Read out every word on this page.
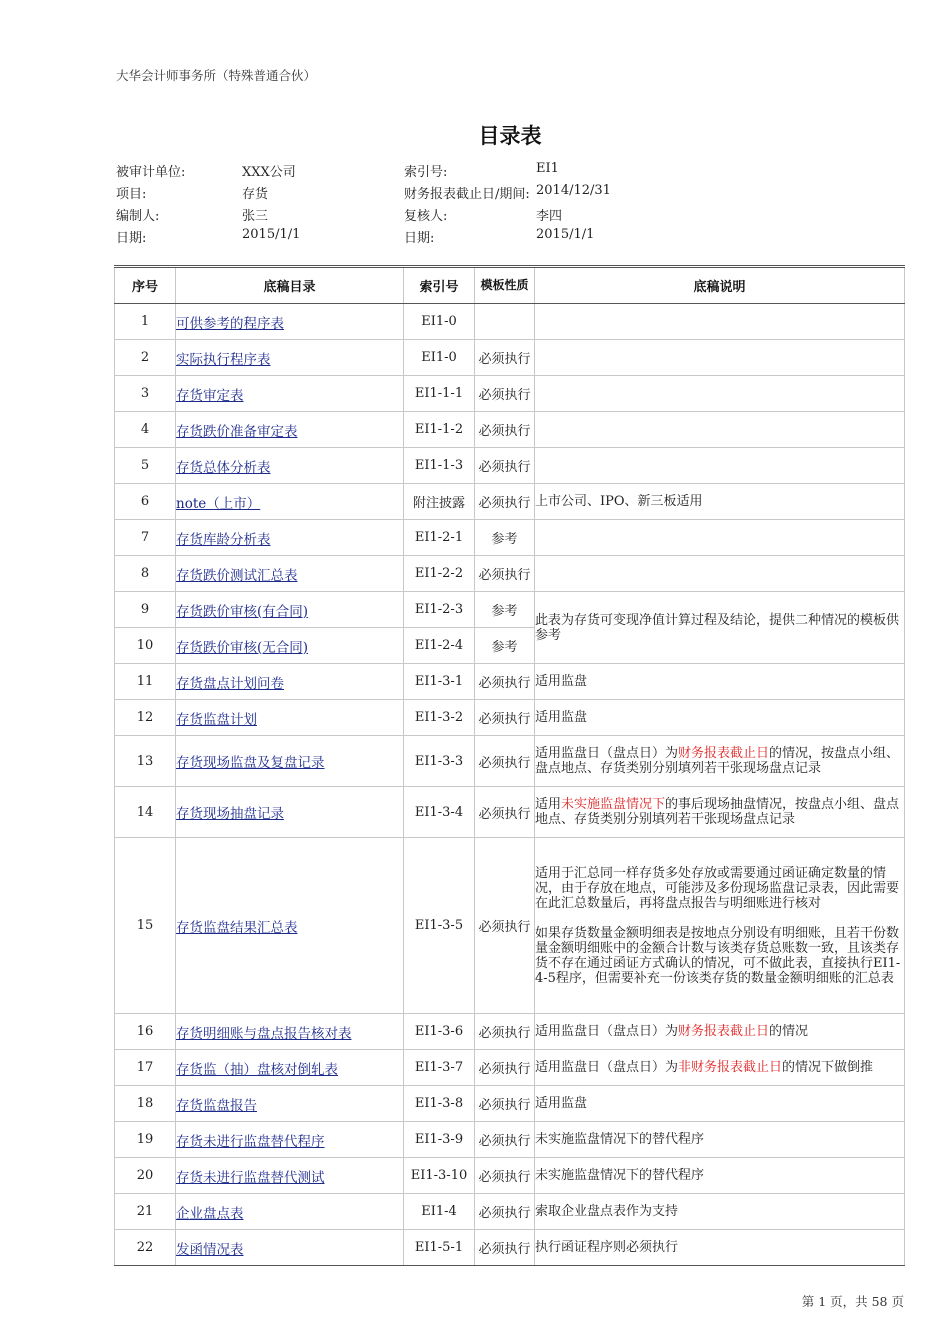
大华会计师事务所（特殊普通合伙）
目录表
被审计单位:	XXX公司	索引号:	EI1
项目:	存货	财务报表截止日/期间: 2014/12/31
编制人:	张三	复核人:	李四
日期:	2015/1/1	日期:	2015/1/1
序号	底稿目录	索引号	模板性质	底稿说明
1	可供参考的程序表	EI1-0		
2	实际执行程序表	EI1-0	必须执行	
3	存货审定表	EI1-1-1	必须执行	
4	存货跌价准备审定表	EI1-1-2	必须执行	
5	存货总体分析表	EI1-1-3	必须执行	
6	note（上市）	附注披露	必须执行	上市公司、IPO、新三板适用
7	存货库龄分析表	EI1-2-1	参考	
8	存货跌价测试汇总表	EI1-2-2	必须执行	
9	存货跌价审核(有合同)	EI1-2-3	参考	此表为存货可变现净值计算过程及结论，提供二种情况的模板供参考
10	存货跌价审核(无合同)	EI1-2-4	参考	
11	存货盘点计划问卷	EI1-3-1	必须执行	适用监盘
12	存货监盘计划	EI1-3-2	必须执行	适用监盘
13	存货现场监盘及复盘记录	EI1-3-3	必须执行	适用监盘日（盘点日）为财务报表截止日的情况，按盘点小组、盘点地点、存货类别分别填列若干张现场盘点记录
14	存货现场抽盘记录	EI1-3-4	必须执行	适用未实施监盘情况下的事后现场抽盘情况，按盘点小组、盘点地点、存货类别分别填列若干张现场盘点记录
15	存货监盘结果汇总表	EI1-3-5	必须执行	适用于汇总同一样存货多处存放或需要通过函证确定数量的情况，由于存放在地点，可能涉及多份现场监盘记录表，因此需要在此汇总数量后，再将盘点报告与明细账进行核对
如果存货数量金额明细表是按地点分别设有明细账，且若干份数量金额明细账中的金额合计数与该类存货总账数一致，且该类存货不存在通过函证方式确认的情况，可不做此表，直接执行EI1-4-5程序，但需要补充一份该类存货的数量金额明细账的汇总表

16	存货明细账与盘点报告核对表	EI1-3-6	必须执行	适用监盘日（盘点日）为财务报表截止日的情况
17	存货监（抽）盘核对倒轧表	EI1-3-7	必须执行	适用监盘日（盘点日）为非财务报表截止日的情况下做倒推
18	存货监盘报告	EI1-3-8	必须执行	适用监盘
19	存货未进行监盘替代程序	EI1-3-9	必须执行	未实施监盘情况下的替代程序
20	存货未进行监盘替代测试	EI1-3-10	必须执行	未实施监盘情况下的替代程序
21	企业盘点表	EI1-4	必须执行	索取企业盘点表作为支持
22	发函情况表	EI1-5-1	必须执行	执行函证程序则必须执行
第 1 页，共 58 页
